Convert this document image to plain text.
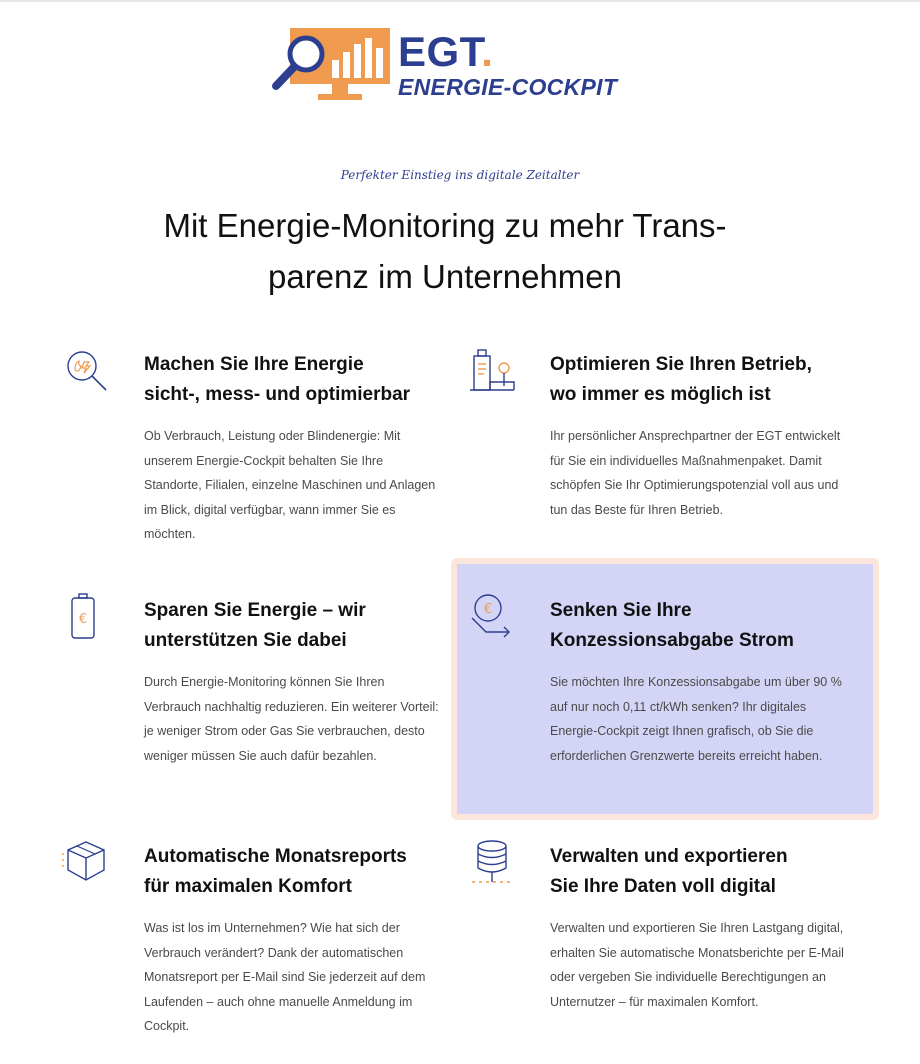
EGT.
ENERGIE-COCKPIT
Perfekter Einstieg ins digitale Zeitalter
Mit Energie-Monitoring zu mehr Trans-
parenz im Unternehmen
Machen Sie Ihre Energie
sicht-, mess- und optimierbar

Ob Verbrauch, Leistung oder Blindenergie: Mit unserem Energie-Cockpit behalten Sie Ihre Standorte, Filialen, einzelne Maschinen und Anlagen im Blick, digital verfügbar, wann immer Sie es möchten.

Optimieren Sie Ihren Betrieb,
wo immer es möglich ist

Ihr persönlicher Ansprechpartner der EGT entwickelt für Sie ein individuelles Maßnahmenpaket. Damit schöpfen Sie Ihr Optimierungspotenzial voll aus und tun das Beste für Ihren Betrieb.

€	Sparen Sie Energie – wir
unterstützen Sie dabei

Durch Energie-Monitoring können Sie Ihren Verbrauch nachhaltig reduzieren. Ein weiterer Vorteil: je weniger Strom oder Gas Sie verbrauchen, desto weniger müssen Sie auch dafür bezahlen.

€	Senken Sie Ihre
Konzessionsabgabe Strom

Sie möchten Ihre Konzessionsabgabe um über 90 % auf nur noch 0,11 ct/kWh senken? Ihr digitales Energie-Cockpit zeigt Ihnen grafisch, ob Sie die erforderlichen Grenzwerte bereits erreicht haben.

Automatische Monatsreports
für maximalen Komfort

Was ist los im Unternehmen? Wie hat sich der Verbrauch verändert? Dank der automatischen Monatsreport per E-Mail sind Sie jederzeit auf dem Laufenden – auch ohne manuelle Anmeldung im Cockpit.

Verwalten und exportieren
Sie Ihre Daten voll digital

Verwalten und exportieren Sie Ihren Lastgang digital, erhalten Sie automatische Monatsberichte per E-Mail oder vergeben Sie individuelle Berechtigungen an Unternutzer – für maximalen Komfort.
